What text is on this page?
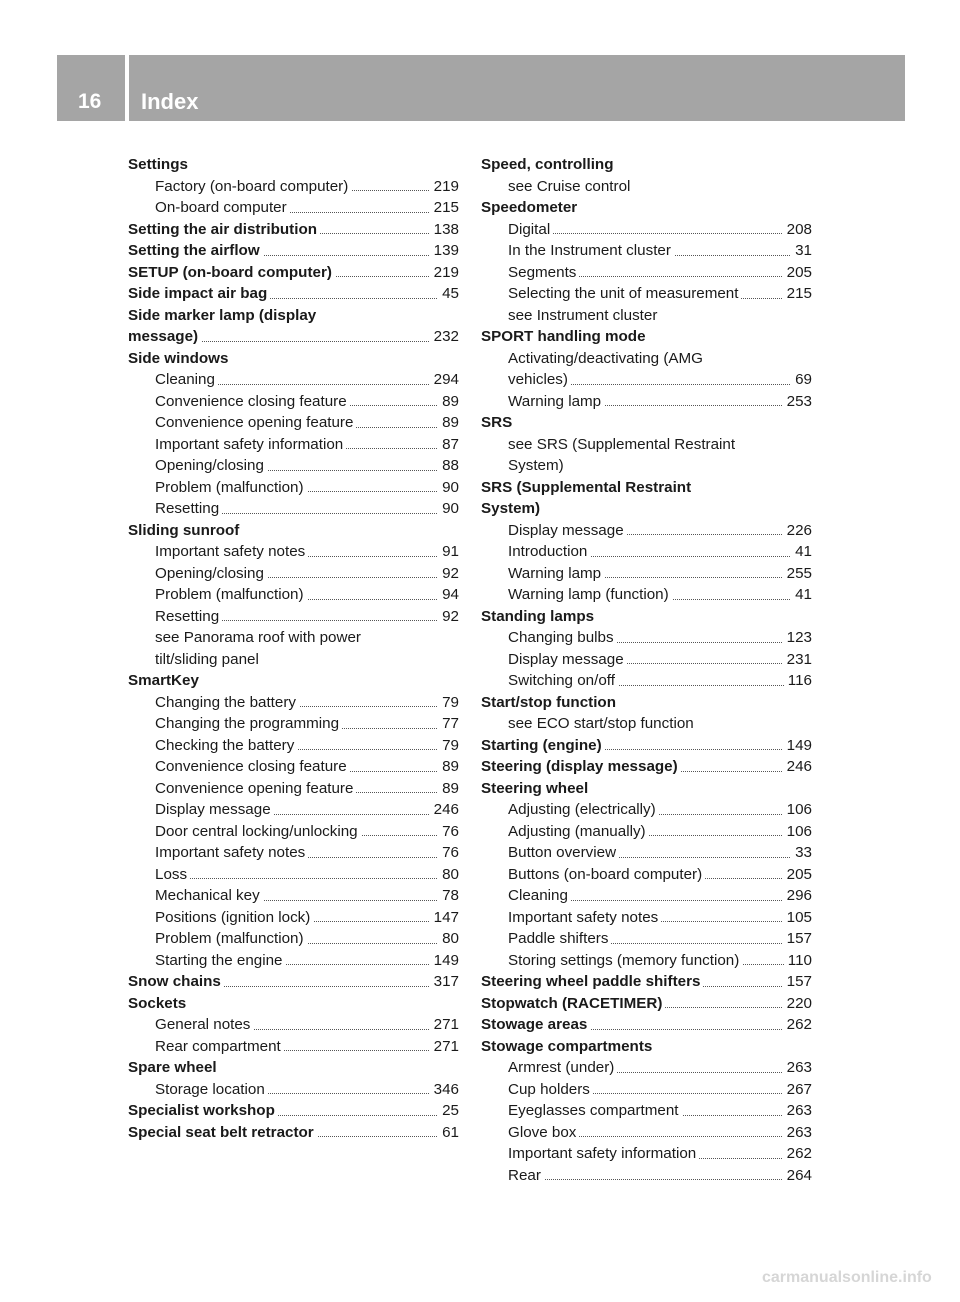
16 Index
Settings
Factory (on-board computer)	219
On-board computer	215
Setting the air distribution	138
Setting the airflow	139
SETUP (on-board computer)	219
Side impact air bag	45
Side marker lamp (display
message)	232
Side windows
Cleaning	294
Convenience closing feature	89
Convenience opening feature	89
Important safety information	87
Opening/closing	88
Problem (malfunction)	90
Resetting	90
Sliding sunroof
Important safety notes	91
Opening/closing	92
Problem (malfunction)	94
Resetting	92
see Panorama roof with power
tilt/sliding panel
SmartKey
Changing the battery	79
Changing the programming	77
Checking the battery	79
Convenience closing feature	89
Convenience opening feature	89
Display message	246
Door central locking/unlocking	76
Important safety notes	76
Loss	80
Mechanical key	78
Positions (ignition lock)	147
Problem (malfunction)	80
Starting the engine	149
Snow chains	317
Sockets
General notes	271
Rear compartment	271
Spare wheel
Storage location	346
Specialist workshop	25
Special seat belt retractor	61
Speed, controlling
see Cruise control
Speedometer
Digital	208
In the Instrument cluster	31
Segments	205
Selecting the unit of measurement	215
see Instrument cluster
SPORT handling mode
Activating/deactivating (AMG
vehicles)	69
Warning lamp	253
SRS
see SRS (Supplemental Restraint
System)
SRS (Supplemental Restraint
System)
Display message	226
Introduction	41
Warning lamp	255
Warning lamp (function)	41
Standing lamps
Changing bulbs	123
Display message	231
Switching on/off	116
Start/stop function
see ECO start/stop function
Starting (engine)	149
Steering (display message)	246
Steering wheel
Adjusting (electrically)	106
Adjusting (manually)	106
Button overview	33
Buttons (on-board computer)	205
Cleaning	296
Important safety notes	105
Paddle shifters	157
Storing settings (memory function)	110
Steering wheel paddle shifters	157
Stopwatch (RACETIMER)	220
Stowage areas	262
Stowage compartments
Armrest (under)	263
Cup holders	267
Eyeglasses compartment	263
Glove box	263
Important safety information	262
Rear	264
carmanualsonline.info
